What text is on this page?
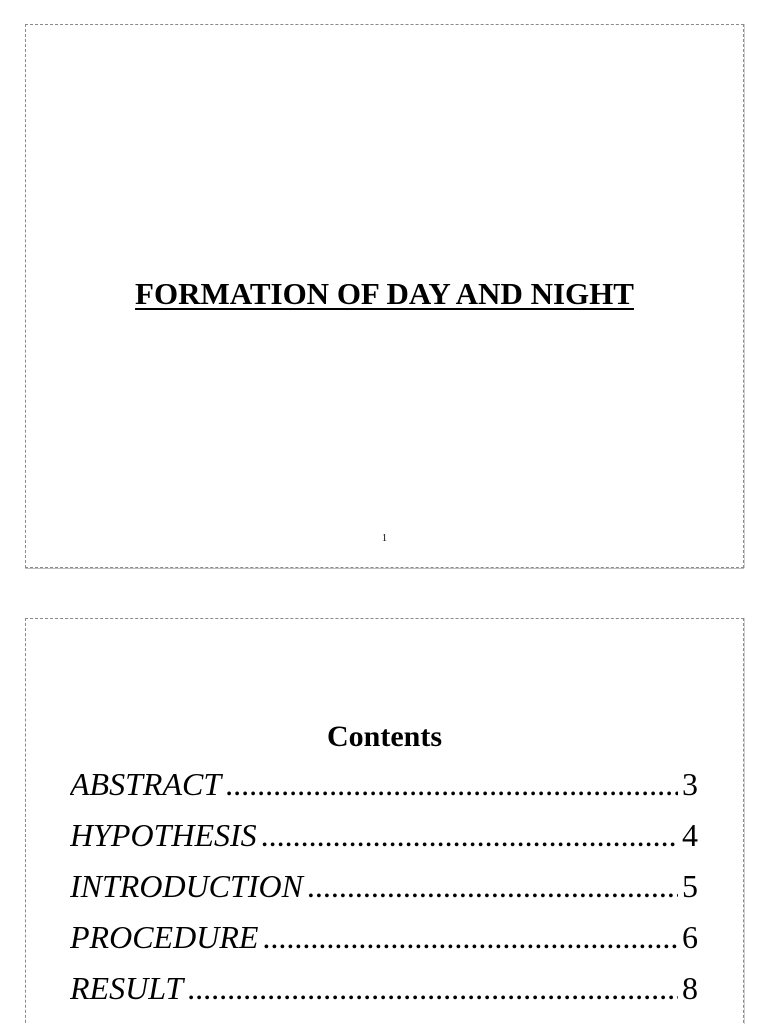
FORMATION OF DAY AND NIGHT
1
Contents
ABSTRACT .....	3
HYPOTHESIS .....	4
INTRODUCTION .....	5
PROCEDURE .....	6
RESULT .....	8
